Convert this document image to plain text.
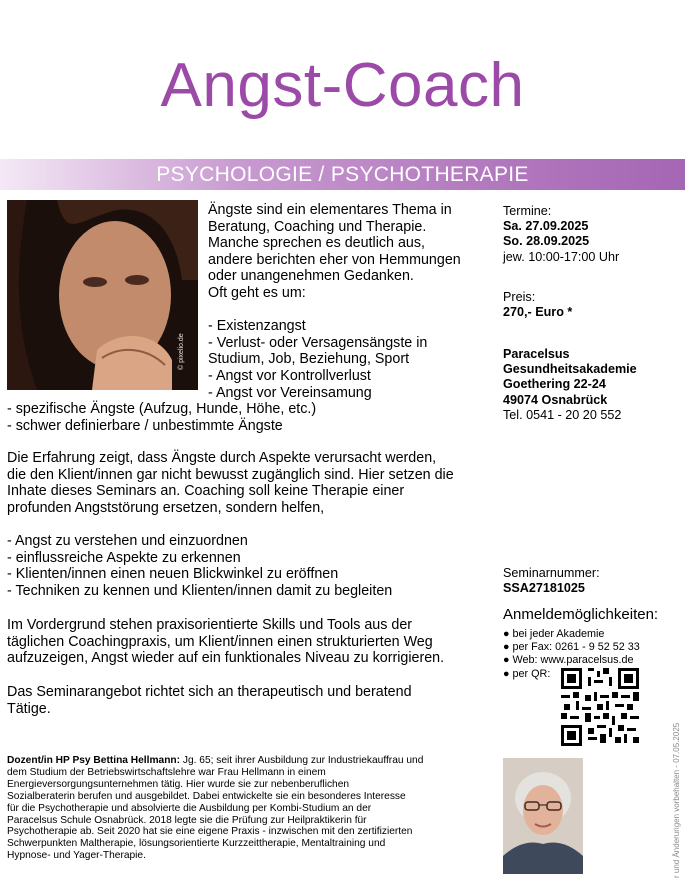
Angst-Coach
PSYCHOLOGIE / PSYCHOTHERAPIE
© pixelio.de
Ängste sind ein elementares Thema in
Beratung, Coaching und Therapie.
Manche sprechen es deutlich aus,
andere berichten eher von Hemmungen
oder unangenehmen Gedanken.
Oft geht es um:
- Existenzangst
- Verlust- oder Versagensängste in
Studium, Job, Beziehung, Sport
- Angst vor Kontrollverlust
- Angst vor Vereinsamung
- spezifische Ängste (Aufzug, Hunde, Höhe, etc.)
- schwer definierbare / unbestimmte Ängste
Die Erfahrung zeigt, dass Ängste durch Aspekte verursacht werden,
die den Klient/innen gar nicht bewusst zugänglich sind. Hier setzen die
Inhate dieses Seminars an. Coaching soll keine Therapie einer
profunden Angststörung ersetzen, sondern helfen,
- Angst zu verstehen und einzuordnen
- einflussreiche Aspekte zu erkennen
- Klienten/innen einen neuen Blickwinkel zu eröffnen
- Techniken zu kennen und Klienten/innen damit zu begleiten
Im Vordergrund stehen praxisorientierte Skills und Tools aus der
täglichen Coachingpraxis, um Klient/innen einen strukturierten Weg
aufzuzeigen, Angst wieder auf ein funktionales Niveau zu korrigieren.
Das Seminarangebot richtet sich an therapeutisch und beratend
Tätige.
Termine:
Sa. 27.09.2025
So. 28.09.2025
jew. 10:00-17:00 Uhr
Preis:
270,- Euro *
Paracelsus
Gesundheitsakademie
Goethering 22-24
49074 Osnabrück
Tel. 0541 - 20 20 552
Seminarnummer:
SSA27181025
Anmeldemöglichkeiten:
● bei jeder Akademie
● per Fax: 0261 - 9 52 52 33
● Web: www.paracelsus.de
● per QR:
Dozent/in HP Psy Bettina Hellmann: Jg. 65; seit ihrer Ausbildung zur Industriekauffrau und
dem Studium der Betriebswirtschaftslehre war Frau Hellmann in einem
Energieversorgungsunternehmen tätig. Hier wurde sie zur nebenberuflichen
Sozialberaterin berufen und ausgebildet. Dabei entwickelte sie ein besonderes Interesse
für die Psychotherapie und absolvierte die Ausbildung per Kombi-Studium an der
Paracelsus Schule Osnabrück. 2018 legte sie die Prüfung zur Heilpraktikerin für
Psychotherapie ab. Seit 2020 hat sie eine eigene Praxis - inzwischen mit den zertifizierten
Schwerpunkten Maltherapie, lösungsorientierte Kurzzeittherapie, Mentaltraining und
Hypnose- und Yager-Therapie.	r und Änderungen vorbehalten - 07.05.2025
